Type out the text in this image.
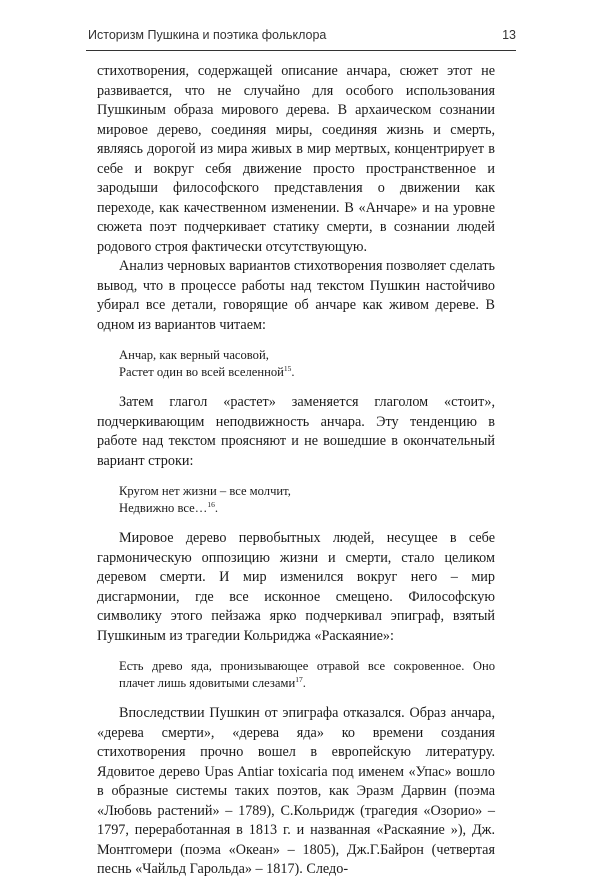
Историзм Пушкина и поэтика фольклора	13

стихотворения, содержащей описание анчара, сюжет этот не развивается, что не случайно для особого использования Пушкиным образа мирового дерева. В архаическом сознании мировое дерево, соединяя миры, соединяя жизнь и смерть, являясь дорогой из мира живых в мир мертвых, концентрирует в себе и вокруг себя движение просто пространственное и зародыши философского представления о движении как переходе, как качественном изменении. В «Анчаре» и на уровне сюжета поэт подчеркивает статику смерти, в сознании людей родового строя фактически отсутствующую.

Анализ черновых вариантов стихотворения позволяет сделать вывод, что в процессе работы над текстом Пушкин настойчиво убирал все детали, говорящие об анчаре как живом дереве. В одном из вариантов читаем:

Анчар, как верный часовой,
Растет один во всей вселенной$^{15}$.

Затем глагол «растет» заменяется глаголом «стоит», подчеркивающим неподвижность анчара. Эту тенденцию в работе над текстом проясняют и не вошедшие в окончательный вариант строки:

Кругом нет жизни – все молчит,
Недвижно все…$^{16}$.

Мировое дерево первобытных людей, несущее в себе гармоническую оппозицию жизни и смерти, стало целиком деревом смерти. И мир изменился вокруг него – мир дисгармонии, где все исконное смещено. Философскую символику этого пейзажа ярко подчеркивал эпиграф, взятый Пушкиным из трагедии Кольриджа «Раскаяние»:

Есть древо яда, пронизывающее отравой все сокровенное. Оно плачет лишь ядовитыми слезами$^{17}$.

Впоследствии Пушкин от эпиграфа отказался. Образ анчара, «дерева смерти», «дерева яда» ко времени создания стихотворения прочно вошел в европейскую литературу. Ядовитое дерево Upas Antiar toxicaria под именем «Упас» вошло в образные системы таких поэтов, как Эразм Дарвин (поэма «Любовь растений» – 1789), С.Кольридж (трагедия «Озорио» – 1797, переработанная в 1813 г. и названная «Раскаяние »), Дж. Монтгомери (поэма «Океан» – 1805), Дж.Г.Байрон (четвертая песнь «Чайльд Гарольда» – 1817). Следо-
